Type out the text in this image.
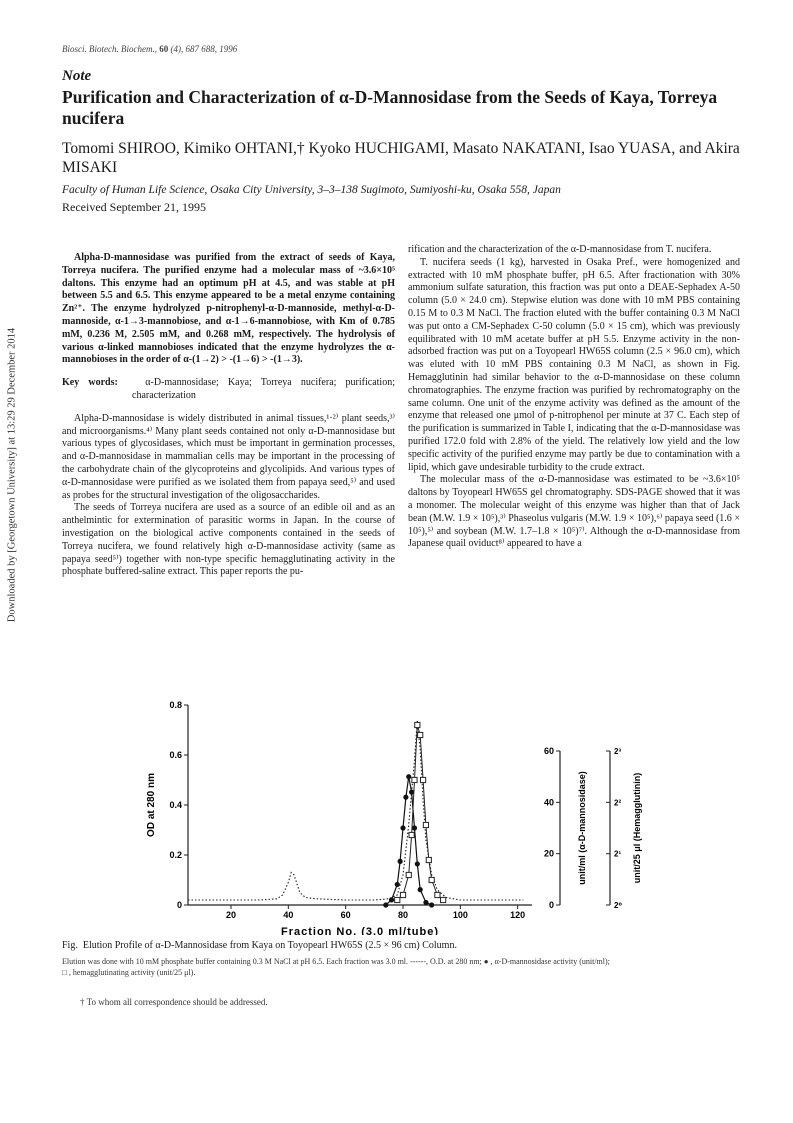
Downloaded by [Georgetown University] at 13:29 29 December 2014
Biosci. Biotech. Biochem., 60 (4), 687 688, 1996
Note
Purification and Characterization of α-D-Mannosidase from the Seeds of Kaya, Torreya nucifera
Tomomi SHIROO, Kimiko OHTANI,† Kyoko HUCHIGAMI, Masato NAKATANI, Isao YUASA, and Akira MISAKI
Faculty of Human Life Science, Osaka City University, 3–3–138 Sugimoto, Sumiyoshi-ku, Osaka 558, Japan
Received September 21, 1995

Alpha-D-mannosidase was purified from the extract of seeds of Kaya, Torreya nucifera. The purified enzyme had a molecular mass of ~3.6×10⁵ daltons. This enzyme had an optimum pH at 4.5, and was stable at pH between 5.5 and 6.5. This enzyme appeared to be a metal enzyme containing Zn²⁺. The enzyme hydrolyzed p-nitrophenyl-α-D-mannoside, methyl-α-D-mannoside, α-1→3-mannobiose, and α-1→6-mannobiose, with Km of 0.785 mM, 0.236 M, 2.505 mM, and 0.268 mM, respectively. The hydrolysis of various α-linked mannobioses indicated that the enzyme hydrolyzes the α-mannobioses in the order of α-(1→2) > -(1→6) > -(1→3).

Key words:	α-D-mannosidase; Kaya; Torreya nucifera; purification; characterization

Alpha-D-mannosidase is widely distributed in animal tissues,¹·²⁾ plant seeds,³⁾ and microorganisms.⁴⁾ Many plant seeds contained not only α-D-mannosidase but various types of glycosidases, which must be important in germination processes, and α-D-mannosidase in mammalian cells may be important in the processing of the carbohydrate chain of the glycoproteins and glycolipids. And various types of α-D-mannosidase were purified as we isolated them from papaya seed,⁵⁾ and used as probes for the structural investigation of the oligosaccharides.

The seeds of Torreya nucifera are used as a source of an edible oil and as an anthelmintic for extermination of parasitic worms in Japan. In the course of investigation on the biological active components contained in the seeds of Torreya nucifera, we found relatively high α-D-mannosidase activity (same as papaya seed⁵⁾) together with non-type specific hemagglutinating activity in the phosphate buffered-saline extract. This paper reports the pu-

rification and the characterization of the α-D-mannosidase from T. nucifera.

T. nucifera seeds (1 kg), harvested in Osaka Pref., were homogenized and extracted with 10 mM phosphate buffer, pH 6.5. After fractionation with 30% ammonium sulfate saturation, this fraction was put onto a DEAE-Sephadex A-50 column (5.0 × 24.0 cm). Stepwise elution was done with 10 mM PBS containing 0.15 M to 0.3 M NaCl. The fraction eluted with the buffer containing 0.3 M NaCl was put onto a CM-Sephadex C-50 column (5.0 × 15 cm), which was previously equilibrated with 10 mM acetate buffer at pH 5.5. Enzyme activity in the non-adsorbed fraction was put on a Toyopearl HW65S column (2.5 × 96.0 cm), which was eluted with 10 mM PBS containing 0.3 M NaCl, as shown in Fig. Hemagglutinin had similar behavior to the α-D-mannosidase on these column chromatographies. The enzyme fraction was purified by rechromatography on the same column. One unit of the enzyme activity was defined as the amount of the enzyme that released one μmol of p-nitrophenol per minute at 37 C. Each step of the purification is summarized in Table I, indicating that the α-D-mannosidase was purified 172.0 fold with 2.8% of the yield. The relatively low yield and the low specific activity of the purified enzyme may partly be due to contamination with a lipid, which gave undesirable turbidity to the crude extract.

The molecular mass of the α-D-mannosidase was estimated to be ~3.6×10⁵ daltons by Toyopearl HW65S gel chromatography. SDS-PAGE showed that it was a monomer. The molecular weight of this enzyme was higher than that of Jack bean (M.W. 1.9 × 10⁵),³⁾ Phaseolus vulgaris (M.W. 1.9 × 10⁵),⁶⁾ papaya seed (1.6 × 10⁵),⁵⁾ and soybean (M.W. 1.7–1.8 × 10⁵)⁷⁾. Although the α-D-mannosidase from Japanese quail oviduct⁸⁾ appeared to have a

0
0.2
0.4
0.6
0.8
20	40	60	80	100	120
0
20
40
60
2⁰
2¹
2²
2³
OD at 280 nm	unit/ml (α-D-mannosidase)	unit/25 μl (Hemagglutinin)
Fraction No. (3.0 ml/tube)

Fig. Elution Profile of α-D-Mannosidase from Kaya on Toyopearl HW65S (2.5 × 96 cm) Column.

Elution was done with 10 mM phosphate buffer containing 0.3 M NaCl at pH 6.5. Each fraction was 3.0 ml. ------, O.D. at 280 nm; ● , α-D-mannosidase activity (unit/ml);

□ , hemagglutinating activity (unit/25 μl).

† To whom all correspondence should be addressed.
